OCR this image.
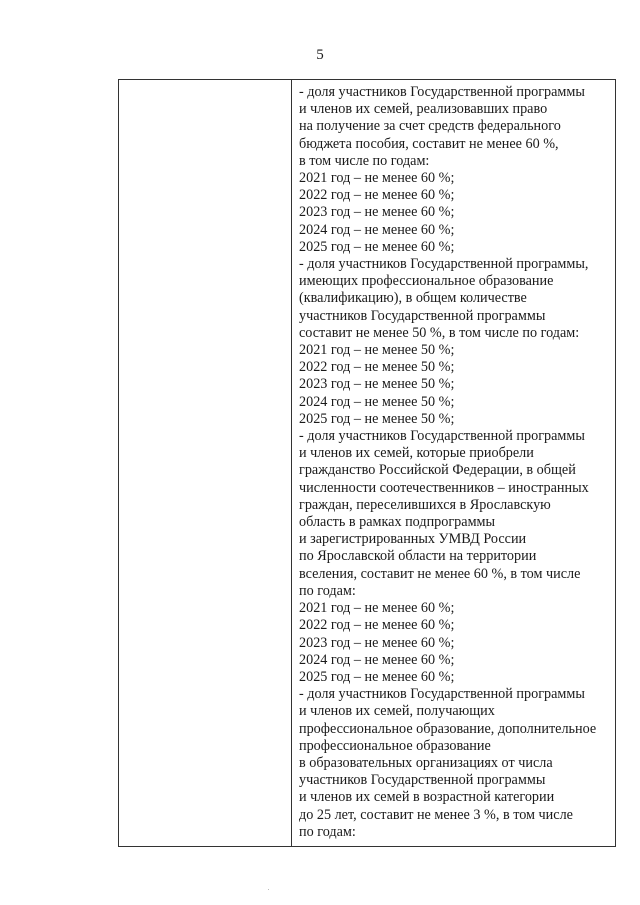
5
- доля участников Государственной программы
и членов их семей, реализовавших право
на получение за счет средств федерального
бюджета пособия, составит не менее 60 %,
в том числе по годам:
2021 год – не менее 60 %;
2022 год – не менее 60 %;
2023 год – не менее 60 %;
2024 год – не менее 60 %;
2025 год – не менее 60 %;
- доля участников Государственной программы,
имеющих профессиональное образование
(квалификацию), в общем количестве
участников Государственной программы
составит не менее 50 %, в том числе по годам:
2021 год – не менее 50 %;
2022 год – не менее 50 %;
2023 год – не менее 50 %;
2024 год – не менее 50 %;
2025 год – не менее 50 %;
- доля участников Государственной программы
и членов их семей, которые приобрели
гражданство Российской Федерации, в общей
численности соотечественников – иностранных
граждан, переселившихся в Ярославскую
область в рамках подпрограммы
и зарегистрированных УМВД России
по Ярославской области на территории
вселения, составит не менее 60 %, в том числе
по годам:
2021 год – не менее 60 %;
2022 год – не менее 60 %;
2023 год – не менее 60 %;
2024 год – не менее 60 %;
2025 год – не менее 60 %;
- доля участников Государственной программы
и членов их семей, получающих
профессиональное образование, дополнительное
профессиональное образование
в образовательных организациях от числа
участников Государственной программы
и членов их семей в возрастной категории
до 25 лет, составит не менее 3 %, в том числе
по годам:
